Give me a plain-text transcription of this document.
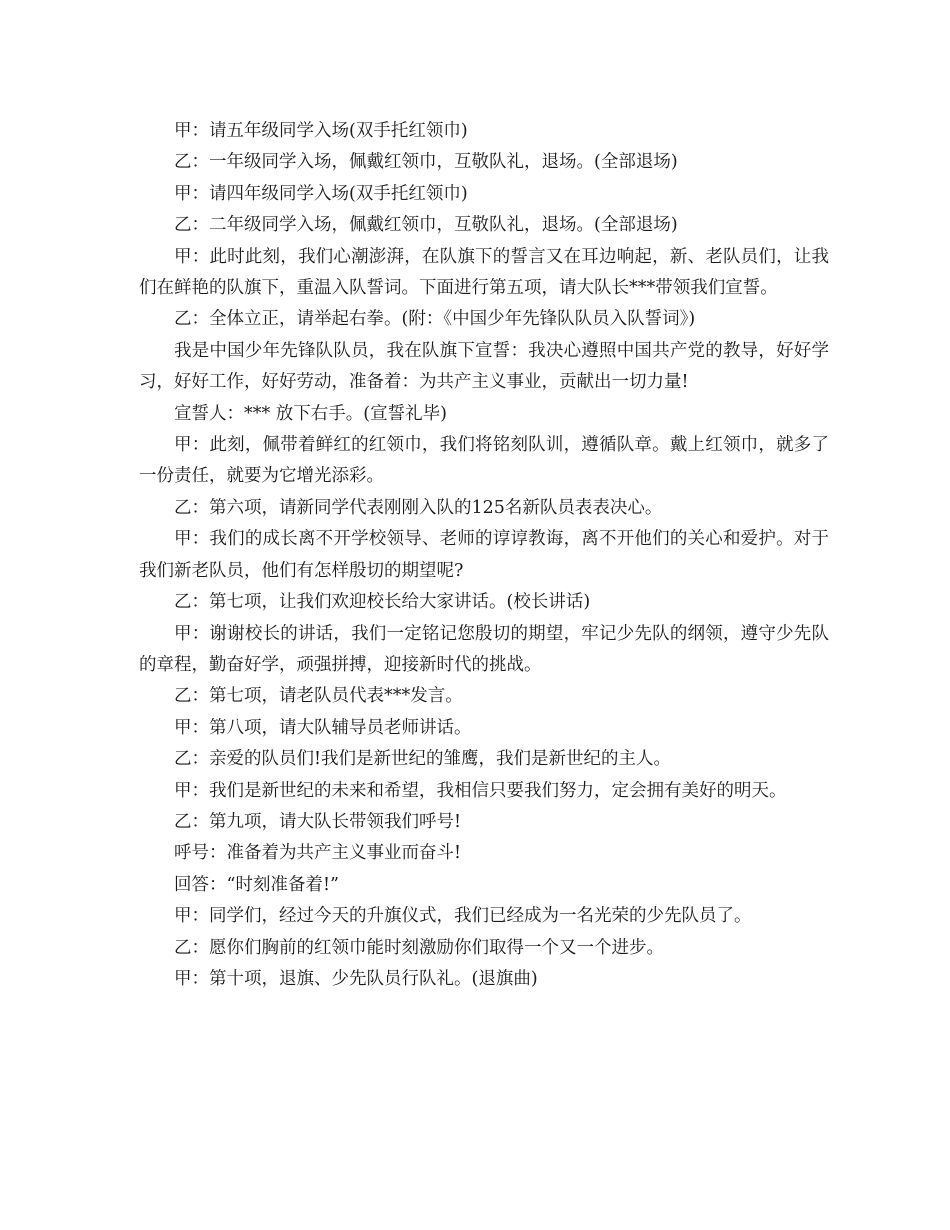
甲：请五年级同学入场(双手托红领巾)

乙：一年级同学入场，佩戴红领巾，互敬队礼，退场。(全部退场)

甲：请四年级同学入场(双手托红领巾)

乙：二年级同学入场，佩戴红领巾，互敬队礼，退场。(全部退场)

甲：此时此刻，我们心潮澎湃，在队旗下的誓言又在耳边响起，新、老队员们，让我们在鲜艳的队旗下，重温入队誓词。下面进行第五项，请大队长***带领我们宣誓。

乙：全体立正，请举起右拳。(附：《中国少年先锋队队员入队誓词》)

我是中国少年先锋队队员，我在队旗下宣誓：我决心遵照中国共产党的教导，好好学习，好好工作，好好劳动，准备着：为共产主义事业，贡献出一切力量!

宣誓人：*** 放下右手。(宣誓礼毕)

甲：此刻，佩带着鲜红的红领巾，我们将铭刻队训，遵循队章。戴上红领巾，就多了一份责任，就要为它增光添彩。

乙：第六项，请新同学代表刚刚入队的125名新队员表表决心。

甲：我们的成长离不开学校领导、老师的谆谆教诲，离不开他们的关心和爱护。对于我们新老队员，他们有怎样殷切的期望呢?

乙：第七项，让我们欢迎校长给大家讲话。(校长讲话)

甲：谢谢校长的讲话，我们一定铭记您殷切的期望，牢记少先队的纲领，遵守少先队的章程，勤奋好学，顽强拼搏，迎接新时代的挑战。

乙：第七项，请老队员代表***发言。

甲：第八项，请大队辅导员老师讲话。

乙：亲爱的队员们!我们是新世纪的雏鹰，我们是新世纪的主人。

甲：我们是新世纪的未来和希望，我相信只要我们努力，定会拥有美好的明天。

乙：第九项，请大队长带领我们呼号!

呼号：准备着为共产主义事业而奋斗!

回答：“时刻准备着!”

甲：同学们，经过今天的升旗仪式，我们已经成为一名光荣的少先队员了。

乙：愿你们胸前的红领巾能时刻激励你们取得一个又一个进步。

甲：第十项，退旗、少先队员行队礼。(退旗曲)
